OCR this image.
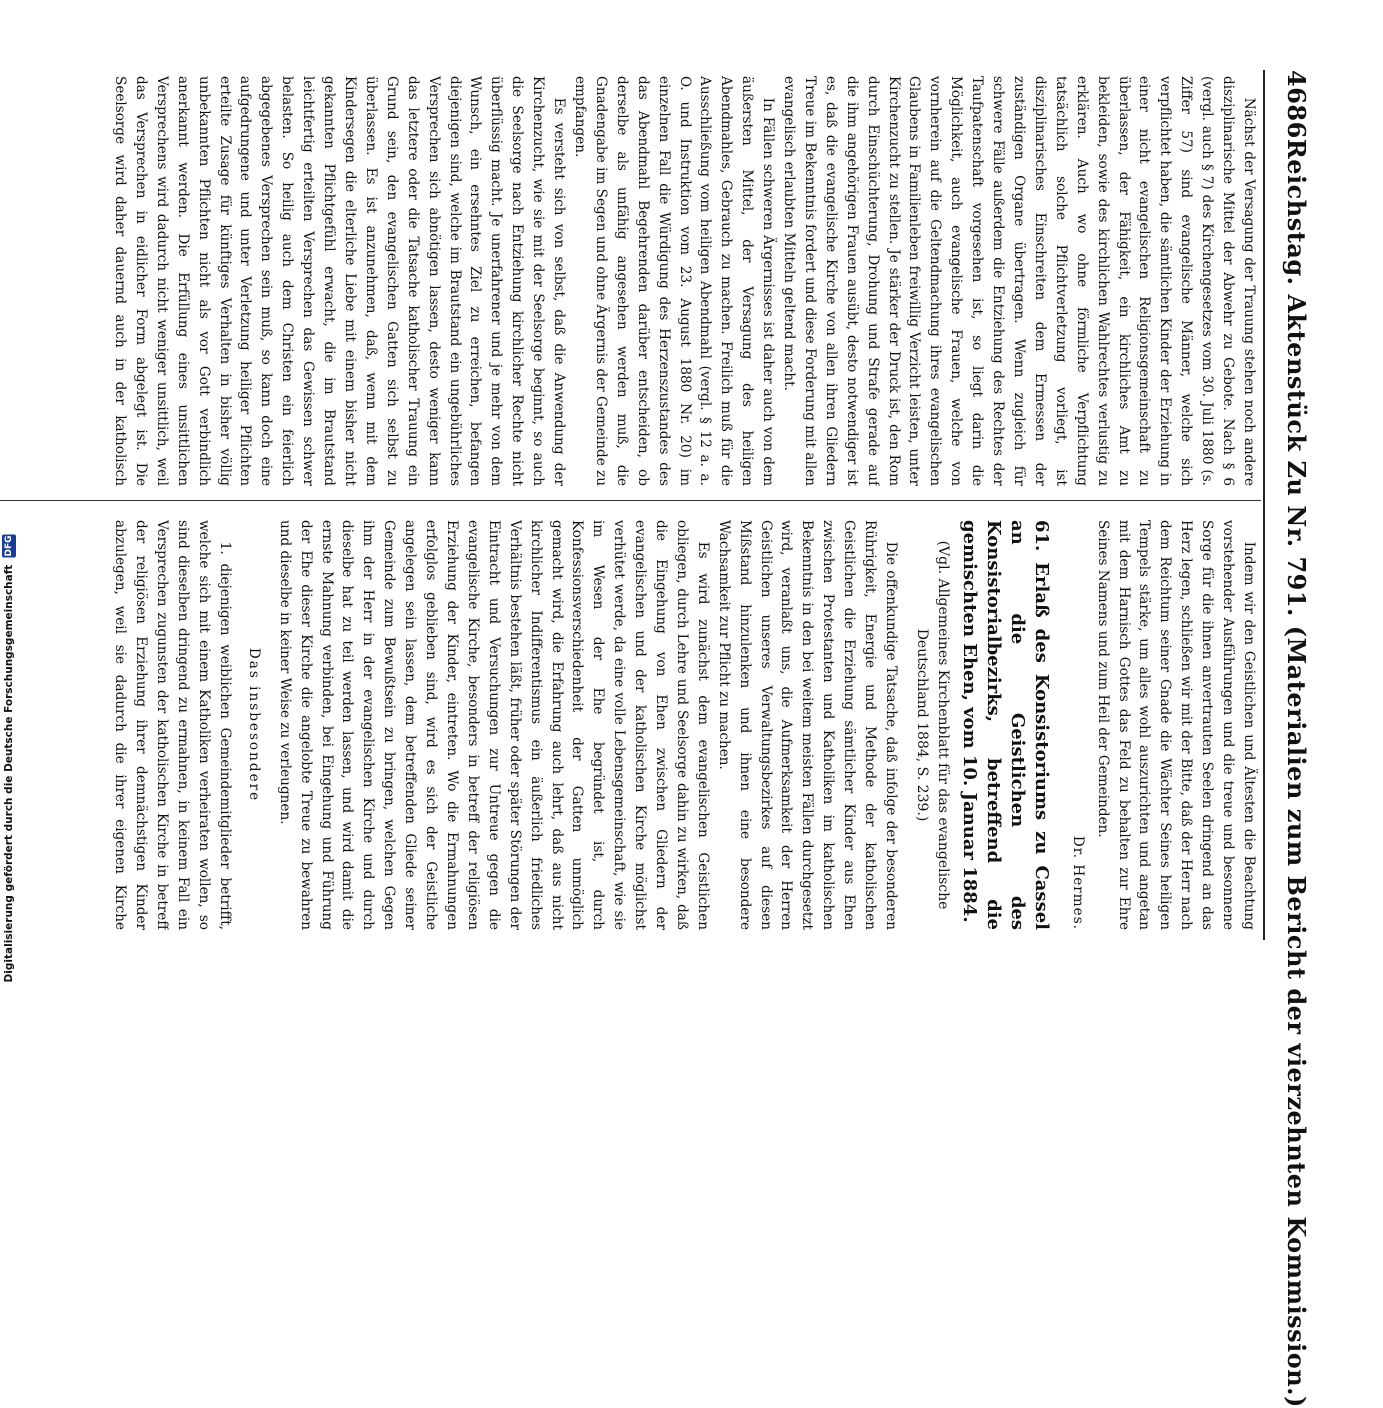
4686
Reichstag. Aktenstück Zu Nr. 791. (Materialien zum Bericht der vierzehnten Kommission.)

Nächst der Versagung der Trauung stehen noch andere disziplinarische Mittel der Abwehr zu Gebote. Nach § 6 (vergl. auch § 7) des Kirchengesetzes vom 30. Juli 1880 (s. Ziffer 57) sind evangelische Männer, welche sich verpflichtet haben, die sämtlichen Kinder der Erziehung in einer nicht evangelischen Religionsgemeinschaft zu überlassen, der Fähigkeit, ein kirchliches Amt zu bekleiden, sowie des kirchlichen Wahlrechtes verlustig zu erklären. Auch wo ohne förmliche Verpflichtung tatsächlich solche Pflichtverletzung vorliegt, ist disziplinarisches Einschreiten dem Ermessen der zuständigen Organe übertragen. Wenn zugleich für schwere Fälle außerdem die Entziehung des Rechtes der Taufpatenschaft vorgesehen ist, so liegt darin die Möglichkeit, auch evangelische Frauen, welche von vornherein auf die Geltendmachung ihres evangelischen Glaubens in Familienleben freiwillig Verzicht leisten, unter Kirchenzucht zu stellen. Je stärker der Druck ist, den Rom durch Einschüchterung, Drohung und Strafe gerade auf die ihm angehörigen Frauen ausübt, desto notwendiger ist es, daß die evangelische Kirche von allen ihren Gliedern Treue im Bekenntnis fordert und diese Forderung mit allen evangelisch erlaubten Mitteln geltend macht.

In Fällen schweren Ärgernisses ist daher auch von dem äußersten Mittel, der Versagung des heiligen Abendmahles, Gebrauch zu machen. Freilich muß für die Ausschließung vom heiligen Abendmahl (vergl. § 12 a. a. O. und Instruktion vom 23. August 1880 Nr. 20) im einzelnen Fall die Würdigung des Herzenszustandes des das Abendmahl Begehrenden darüber entscheiden, ob derselbe als unfähig angesehen werden muß, die Gnadengabe im Segen und ohne Ärgernis der Gemeinde zu empfangen.

Es versteht sich von selbst, daß die Anwendung der Kirchenzucht, wie sie mit der Seelsorge beginnt, so auch die Seelsorge nach Entziehung kirchlicher Rechte nicht überflüssig macht. Je unerfahrener und je mehr von dem Wunsch, ein ersehntes Ziel zu erreichen, befangen diejenigen sind, welche im Brautstand ein ungebührliches Versprechen sich abnötigen lassen, desto weniger kann das letztere oder die Tatsache katholischer Trauung ein Grund sein, den evangelischen Gatten sich selbst zu überlassen. Es ist anzunehmen, daß, wenn mit dem Kindersegen die elterliche Liebe mit einem bisher nicht gekannten Pflichtgefühl erwacht, die im Brautstand leichtfertig erteilten Versprechen das Gewissen schwer belasten. So heilig auch dem Christen ein feierlich abgegebenes Versprechen sein muß, so kann doch eine aufgedrungene und unter Verletzung heiliger Pflichten erteilte Zusage für künftiges Verhalten in bisher völlig unbekannten Pflichten nicht als vor Gott verbindlich anerkannt werden. Die Erfüllung eines unsittlichen Versprechens wird dadurch nicht weniger unsittlich, weil das Versprechen in eidlicher Form abgelegt ist. Die Seelsorge wird daher dauernd auch in der katholisch

Indem wir den Geistlichen und Ältesten die Beachtung vorstehender Ausführungen und die treue und besonnene Sorge für die ihnen anvertrauten Seelen dringend an das Herz legen, schließen wir mit der Bitte, daß der Herr nach dem Reichtum seiner Gnade die Wächter Seines heiligen Tempels stärke, um alles wohl auszurichten und angetan mit dem Harnisch Gottes das Feld zu behalten zur Ehre Seines Namens und zum Heil der Gemeinden.

Dr. Hermes.
61. Erlaß des Konsistoriums zu Cassel an die Geistlichen des Konsistorialbezirks, betreffend die gemischten Ehen, vom 10. Januar 1884.
(Vgl. Allgemeines Kirchenblatt für das evangelische Deutschland 1884, S. 239.)

Die offenkundige Tatsache, daß infolge der besonderen Rührigkeit, Energie und Methode der katholischen Geistlichen die Erziehung sämtlicher Kinder aus Ehen zwischen Protestanten und Katholiken im katholischen Bekenntnis in den bei weitem meisten Fällen durchgesetzt wird, veranlaßt uns, die Aufmerksamkeit der Herren Geistlichen unseres Verwaltungsbezirkes auf diesen Mißstand hinzulenken und ihnen eine besondere Wachsamkeit zur Pflicht zu machen.

Es wird zunächst dem evangelischen Geistlichen obliegen, durch Lehre und Seelsorge dahin zu wirken, daß die Eingehung von Ehen zwischen Gliedern der evangelischen und der katholischen Kirche möglichst verhütet werde, da eine volle Lebensgemeinschaft, wie sie im Wesen der Ehe begründet ist, durch Konfessionsverschiedenheit der Gatten unmöglich gemacht wird, die Erfahrung auch lehrt, daß aus nicht kirchlicher Indifferentismus ein äußerlich friedliches Verhältnis bestehen läßt, früher oder später Störungen der Eintracht und Versuchungen zur Untreue gegen die evangelische Kirche, besonders in betreff der religiösen Erziehung der Kinder, eintreten. Wo die Ermahnungen erfolglos geblieben sind, wird es sich der Geistliche angelegen sein lassen, dem betreffenden Gliede seiner Gemeinde zum Bewußtsein zu bringen, welchen Gegen ihm der Herr in der evangelischen Kirche und durch dieselbe hat zu teil werden lassen, und wird damit die ernste Mahnung verbinden, bei Eingehung und Führung der Ehe dieser Kirche die angelobte Treue zu bewahren und dieselbe in keiner Weise zu verleugnen.

Das insbesondere

1. diejenigen weiblichen Gemeindemitglieder betrifft, welche sich mit einem Katholiken verheiraten wollen, so sind dieselben dringend zu ermahnen, in keinem Fall ein Versprechen zugunsten der katholischen Kirche in betreff der religiösen Erziehung ihrer demnächstigen Kinder abzulegen, weil sie dadurch die ihrer eigenen Kirche

Digitalisierung gefördert durch die Deutsche Forschungsgemeinschaft DFG
